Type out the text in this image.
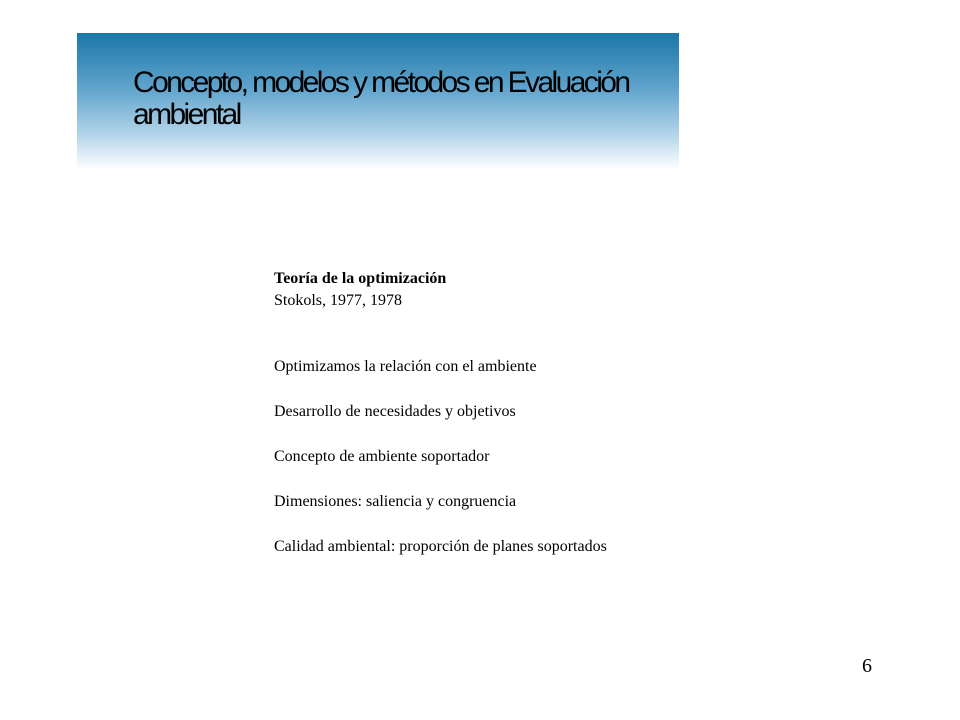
Concepto, modelos y métodos en Evaluación ambiental

Teoría de la optimización

Stokols, 1977, 1978

Optimizamos la relación con el ambiente
Desarrollo de necesidades y objetivos
Concepto de ambiente soportador
Dimensiones: saliencia y congruencia
Calidad ambiental: proporción de planes soportados
6
